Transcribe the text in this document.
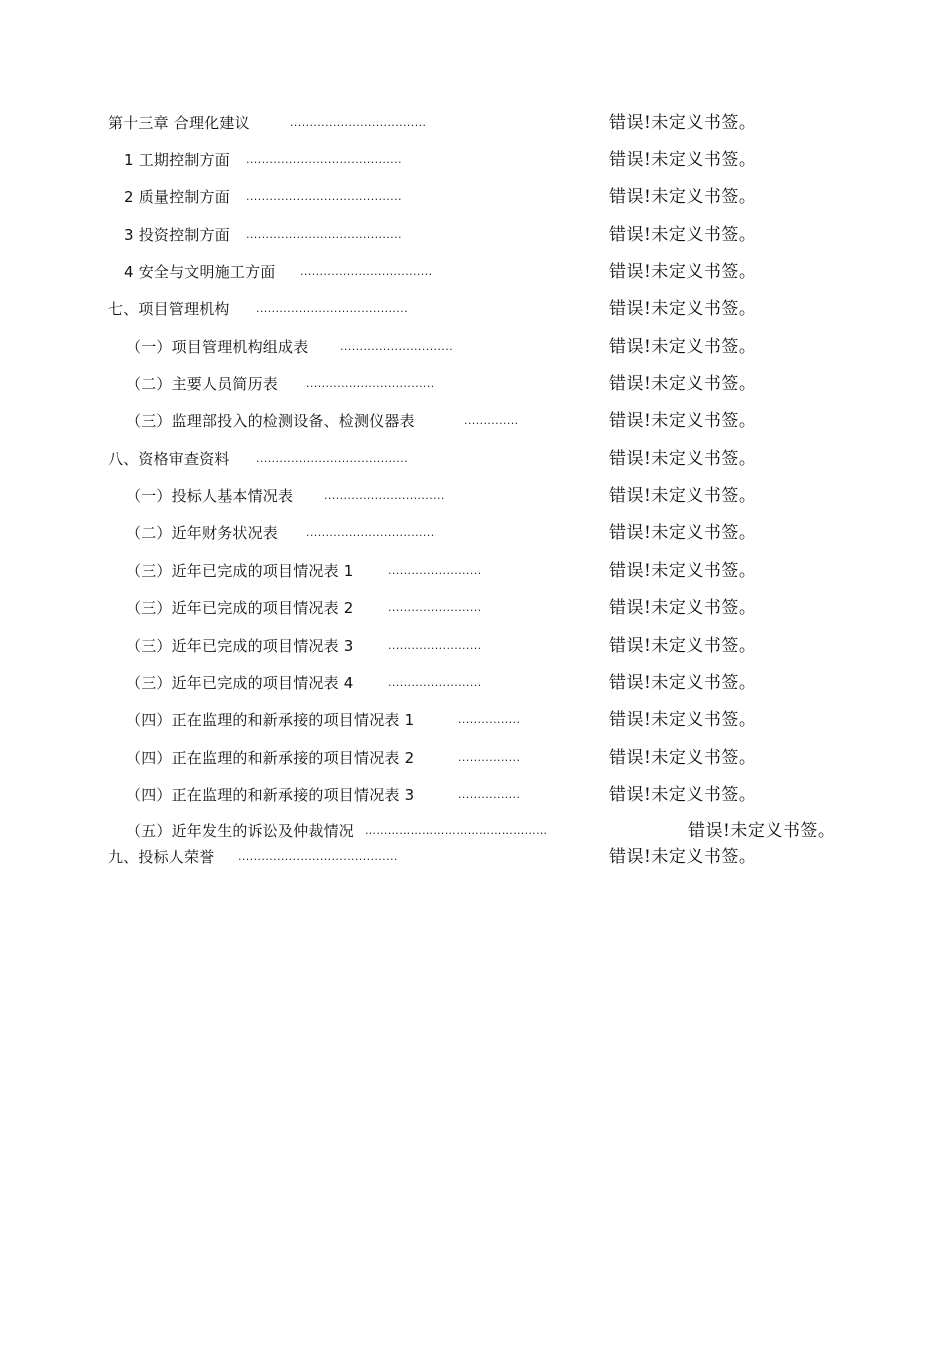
第十三章 合理化建议	...................................	错误!未定义书签。
1 工期控制方面 ........................................	错误!未定义书签。
2 质量控制方面 ........................................	错误!未定义书签。
3 投资控制方面 ........................................	错误!未定义书签。
4 安全与文明施工方面 ..................................	错误!未定义书签。
七、项目管理机构 .......................................	错误!未定义书签。
（一）项目管理机构组成表	.............................	错误!未定义书签。
（二）主要人员简历表	.................................	错误!未定义书签。
（三）监理部投入的检测设备、检测仪器表	..............	错误!未定义书签。
八、资格审查资料 .......................................	错误!未定义书签。
（一）投标人基本情况表	...............................	错误!未定义书签。
（二）近年财务状况表	.................................	错误!未定义书签。
（三）近年已完成的项目情况表 1	........................	错误!未定义书签。
（三）近年已完成的项目情况表 2	........................	错误!未定义书签。
（三）近年已完成的项目情况表 3	........................	错误!未定义书签。
（三）近年已完成的项目情况表 4	........................	错误!未定义书签。
（四）正在监理的和新承接的项目情况表 1	................	错误!未定义书签。
（四）正在监理的和新承接的项目情况表 2	................	错误!未定义书签。
（四）正在监理的和新承接的项目情况表 3	................	错误!未定义书签。
（五）近年发生的诉讼及仲裁情况 …………………………………………	错误!未定义书签。
九、投标人荣誉 .........................................	错误!未定义书签。
